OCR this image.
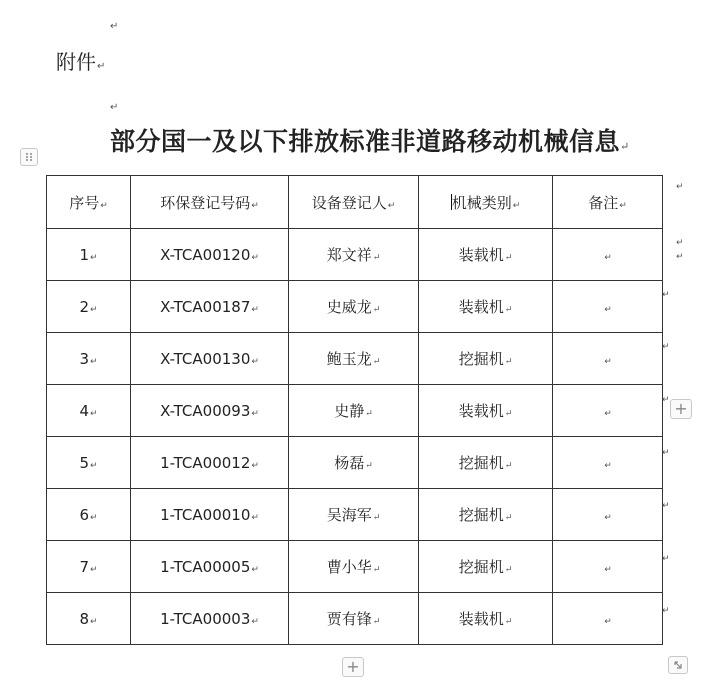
↵
附件↵
↵
部分国一及以下排放标准非道路移动机械信息↵
序号↵	环保登记号码↵	设备登记人↵	机械类别↵	备注↵
1↵	X-TCA00120↵	郑文祥↵	装载机↵	↵
2↵	X-TCA00187↵	史威龙↵	装载机↵	↵
3↵	X-TCA00130↵	鲍玉龙↵	挖掘机↵	↵
4↵	X-TCA00093↵	史静↵	装载机↵	↵
5↵	1-TCA00012↵	杨磊↵	挖掘机↵	↵
6↵	1-TCA00010↵	吴海军↵	挖掘机↵	↵
7↵	1-TCA00005↵	曹小华↵	挖掘机↵	↵
8↵	1-TCA00003↵	贾有锋↵	装载机↵	↵
↵
↵
↵
↵
↵
↵
↵
↵
↵
↵
+
+
